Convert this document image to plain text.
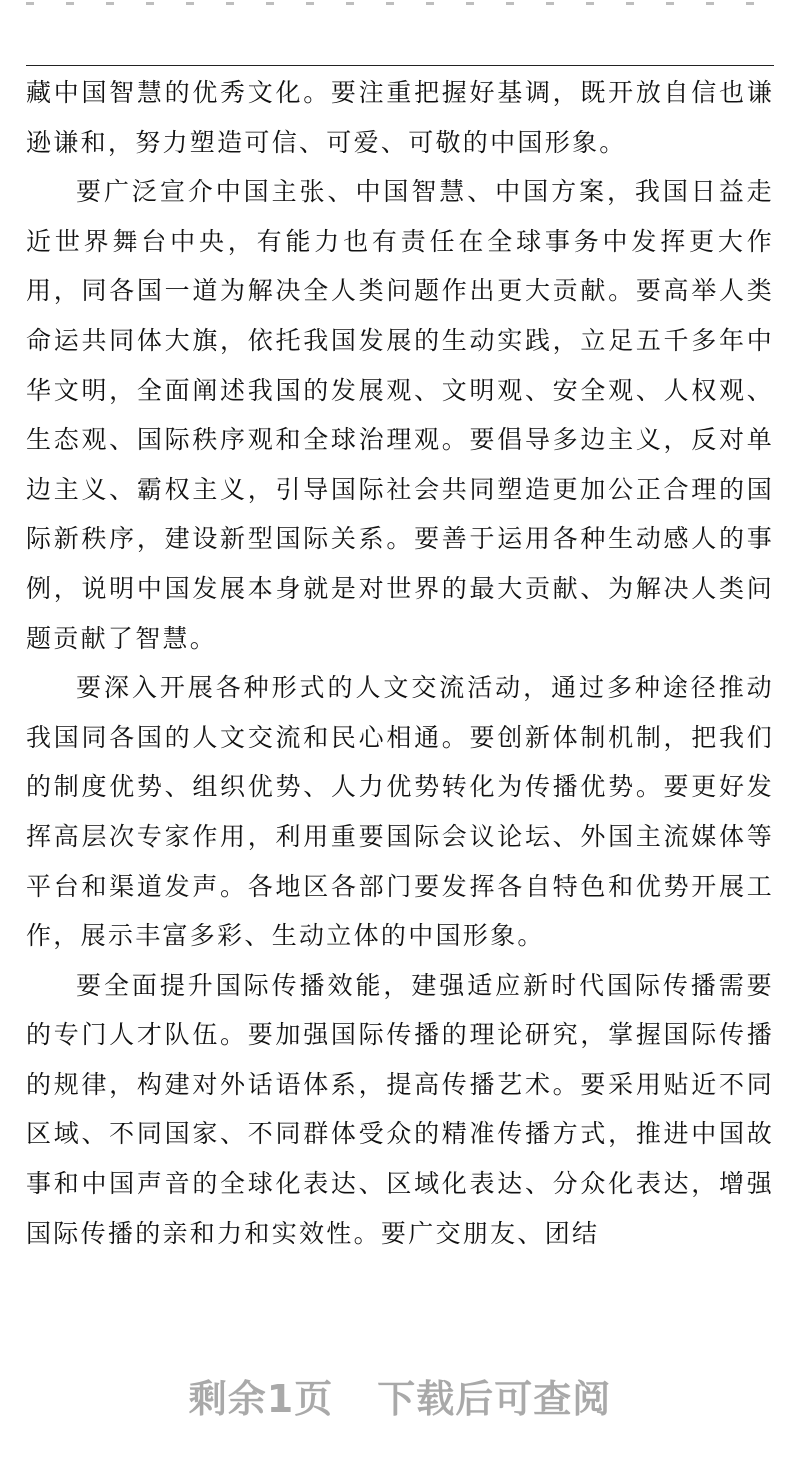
藏中国智慧的优秀文化。要注重把握好基调，既开放自信也谦逊谦和，努力塑造可信、可爱、可敬的中国形象。

要广泛宣介中国主张、中国智慧、中国方案，我国日益走近世界舞台中央，有能力也有责任在全球事务中发挥更大作用，同各国一道为解决全人类问题作出更大贡献。要高举人类命运共同体大旗，依托我国发展的生动实践，立足五千多年中华文明，全面阐述我国的发展观、文明观、安全观、人权观、生态观、国际秩序观和全球治理观。要倡导多边主义，反对单边主义、霸权主义，引导国际社会共同塑造更加公正合理的国际新秩序，建设新型国际关系。要善于运用各种生动感人的事例，说明中国发展本身就是对世界的最大贡献、为解决人类问题贡献了智慧。

要深入开展各种形式的人文交流活动，通过多种途径推动我国同各国的人文交流和民心相通。要创新体制机制，把我们的制度优势、组织优势、人力优势转化为传播优势。要更好发挥高层次专家作用，利用重要国际会议论坛、外国主流媒体等平台和渠道发声。各地区各部门要发挥各自特色和优势开展工作，展示丰富多彩、生动立体的中国形象。

要全面提升国际传播效能，建强适应新时代国际传播需要的专门人才队伍。要加强国际传播的理论研究，掌握国际传播的规律，构建对外话语体系，提高传播艺术。要采用贴近不同区域、不同国家、不同群体受众的精准传播方式，推进中国故事和中国声音的全球化表达、区域化表达、分众化表达，增强国际传播的亲和力和实效性。要广交朋友、团结

剩余1页 下载后可查阅
